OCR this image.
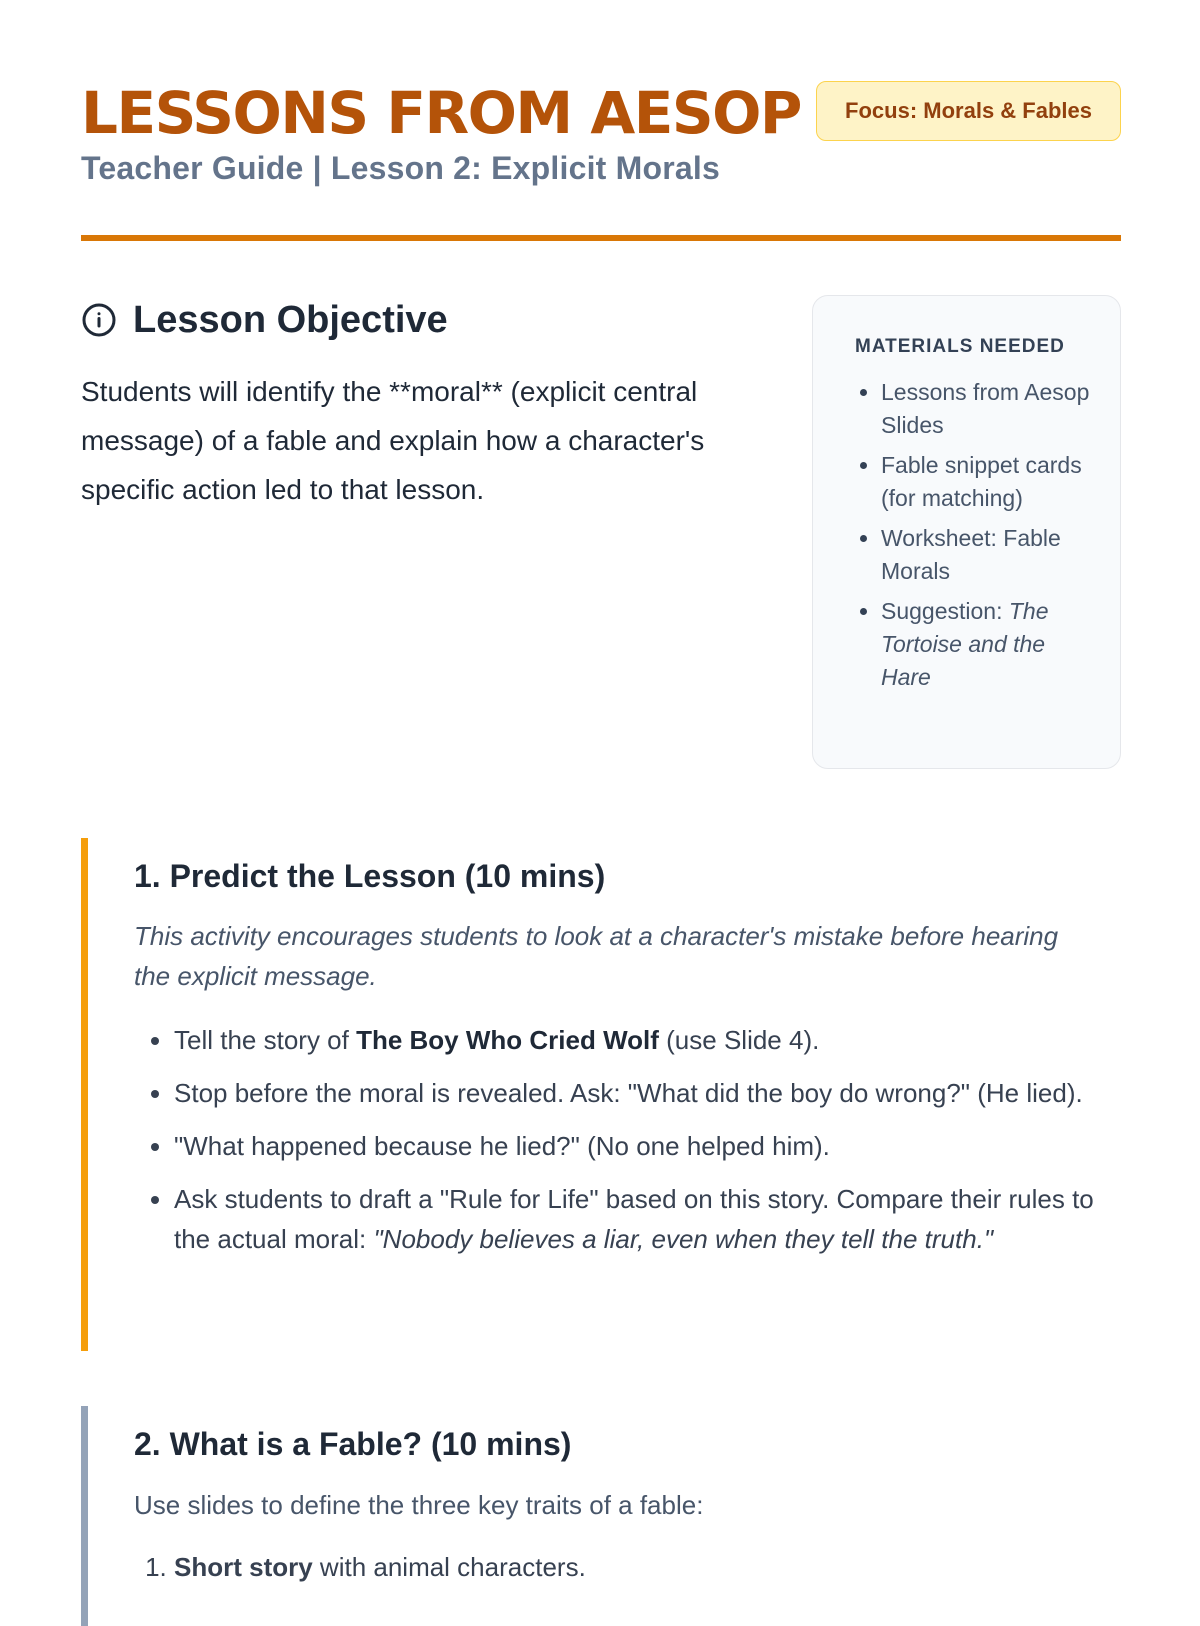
LESSONS FROM AESOP	Focus: Morals & Fables
Teacher Guide | Lesson 2: Explicit Morals
Lesson Objective
Students will identify the **moral** (explicit central message) of a fable and explain how a character's specific action led to that lesson.
MATERIALS NEEDED
• Lessons from Aesop Slides
• Fable snippet cards (for matching)
• Worksheet: Fable Morals
• Suggestion: The Tortoise and the Hare
1. Predict the Lesson (10 mins)
This activity encourages students to look at a character's mistake before hearing the explicit message.
• Tell the story of The Boy Who Cried Wolf (use Slide 4).
• Stop before the moral is revealed. Ask: "What did the boy do wrong?" (He lied).
• "What happened because he lied?" (No one helped him).
• Ask students to draft a "Rule for Life" based on this story. Compare their rules to the actual moral: "Nobody believes a liar, even when they tell the truth."
2. What is a Fable? (10 mins)
Use slides to define the three key traits of a fable:
1. Short story with animal characters.
